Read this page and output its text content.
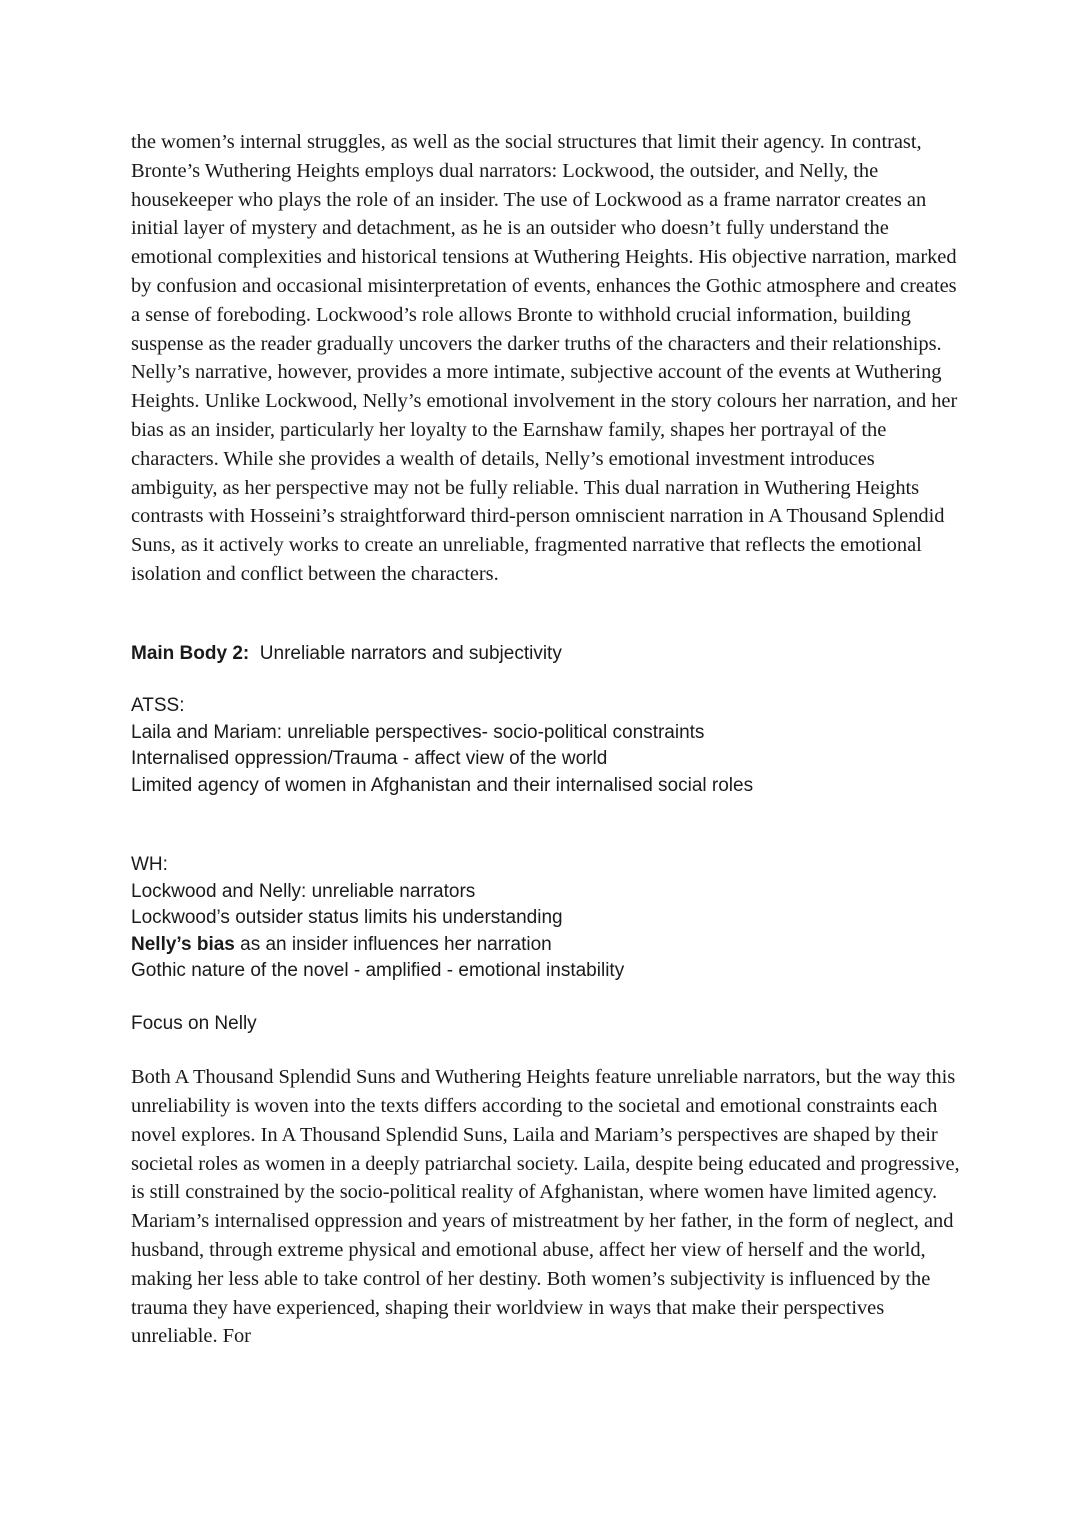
the women’s internal struggles, as well as the social structures that limit their agency. In contrast, Bronte’s Wuthering Heights employs dual narrators: Lockwood, the outsider, and Nelly, the housekeeper who plays the role of an insider. The use of Lockwood as a frame narrator creates an initial layer of mystery and detachment, as he is an outsider who doesn’t fully understand the emotional complexities and historical tensions at Wuthering Heights. His objective narration, marked by confusion and occasional misinterpretation of events, enhances the Gothic atmosphere and creates a sense of foreboding. Lockwood’s role allows Bronte to withhold crucial information, building suspense as the reader gradually uncovers the darker truths of the characters and their relationships. Nelly’s narrative, however, provides a more intimate, subjective account of the events at Wuthering Heights. Unlike Lockwood, Nelly’s emotional involvement in the story colours her narration, and her bias as an insider, particularly her loyalty to the Earnshaw family, shapes her portrayal of the characters. While she provides a wealth of details, Nelly’s emotional investment introduces ambiguity, as her perspective may not be fully reliable. This dual narration in Wuthering Heights contrasts with Hosseini’s straightforward third-person omniscient narration in A Thousand Splendid Suns, as it actively works to create an unreliable, fragmented narrative that reflects the emotional isolation and conflict between the characters.

Main Body 2: Unreliable narrators and subjectivity

ATSS:
Laila and Mariam: unreliable perspectives- socio-political constraints
Internalised oppression/Trauma - affect view of the world
Limited agency of women in Afghanistan and their internalised social roles
WH:
Lockwood and Nelly: unreliable narrators
Lockwood’s outsider status limits his understanding
Nelly’s bias as an insider influences her narration
Gothic nature of the novel - amplified - emotional instability

Focus on Nelly

Both A Thousand Splendid Suns and Wuthering Heights feature unreliable narrators, but the way this unreliability is woven into the texts differs according to the societal and emotional constraints each novel explores. In A Thousand Splendid Suns, Laila and Mariam’s perspectives are shaped by their societal roles as women in a deeply patriarchal society. Laila, despite being educated and progressive, is still constrained by the socio-political reality of Afghanistan, where women have limited agency. Mariam’s internalised oppression and years of mistreatment by her father, in the form of neglect, and husband, through extreme physical and emotional abuse, affect her view of herself and the world, making her less able to take control of her destiny. Both women’s subjectivity is influenced by the trauma they have experienced, shaping their worldview in ways that make their perspectives unreliable. For
